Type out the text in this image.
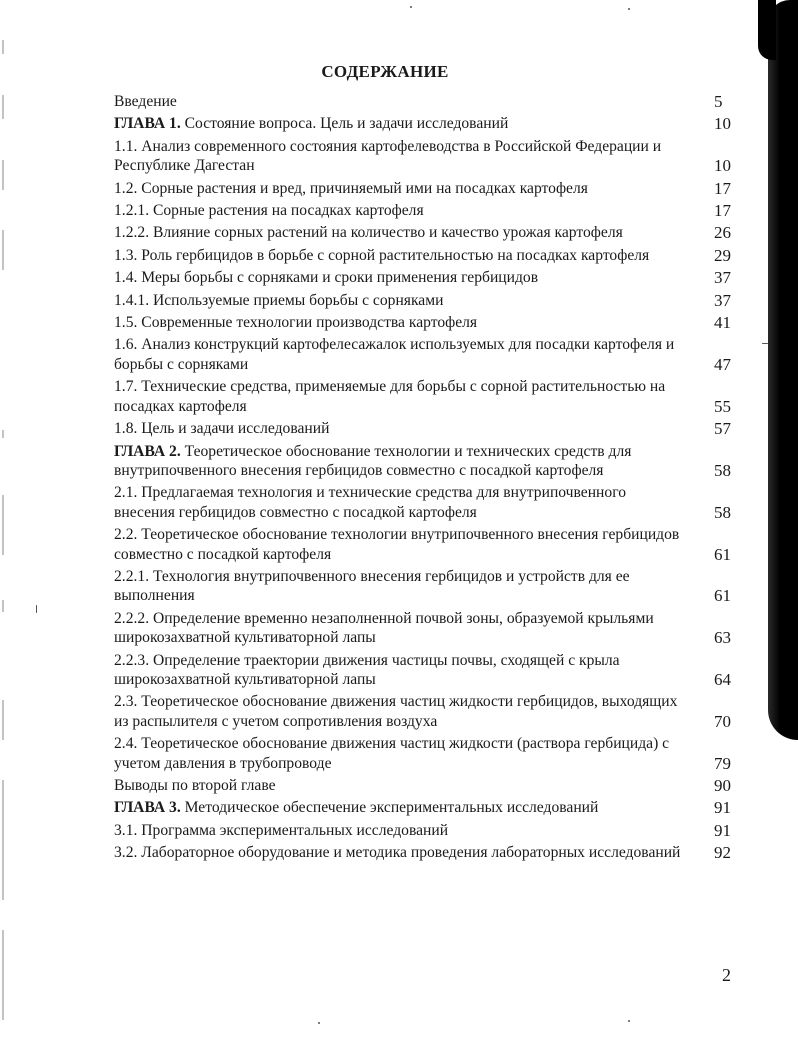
СОДЕРЖАНИЕ
Введение	5
ГЛАВА 1. Состояние вопроса. Цель и задачи исследований	10
1.1. Анализ современного состояния картофелеводства в Российской Федерации и Республике Дагестан	10
1.2. Сорные растения и вред, причиняемый ими на посадках картофеля	17
1.2.1. Сорные растения на посадках картофеля	17
1.2.2. Влияние сорных растений на количество и качество урожая картофеля	26
1.3. Роль гербицидов в борьбе с сорной растительностью на посадках картофеля	29
1.4. Меры борьбы с сорняками и сроки применения гербицидов	37
1.4.1. Используемые приемы борьбы с сорняками	37
1.5. Современные технологии производства картофеля	41
1.6. Анализ конструкций картофелесажалок используемых для посадки картофеля и борьбы с сорняками	47
1.7. Технические средства, применяемые для борьбы с сорной растительностью на посадках картофеля	55
1.8. Цель и задачи исследований	57
ГЛАВА 2. Теоретическое обоснование технологии и технических средств для внутрипочвенного внесения гербицидов совместно с посадкой картофеля	58
2.1. Предлагаемая технология и технические средства для внутрипочвенного внесения гербицидов совместно с посадкой картофеля	58
2.2. Теоретическое обоснование технологии внутрипочвенного внесения гербицидов совместно с посадкой картофеля	61
2.2.1. Технология внутрипочвенного внесения гербицидов и устройств для ее выполнения	61
2.2.2. Определение временно незаполненной почвой зоны, образуемой крыльями широкозахватной культиваторной лапы	63
2.2.3. Определение траектории движения частицы почвы, сходящей с крыла широкозахватной культиваторной лапы	64
2.3. Теоретическое обоснование движения частиц жидкости гербицидов, выходящих из распылителя с учетом сопротивления воздуха	70
2.4. Теоретическое обоснование движения частиц жидкости (раствора гербицида) с учетом давления в трубопроводе	79
Выводы по второй главе	90
ГЛАВА 3. Методическое обеспечение экспериментальных исследований	91
3.1. Программа экспериментальных исследований	91
3.2. Лабораторное оборудование и методика проведения лабораторных исследований	92
2
